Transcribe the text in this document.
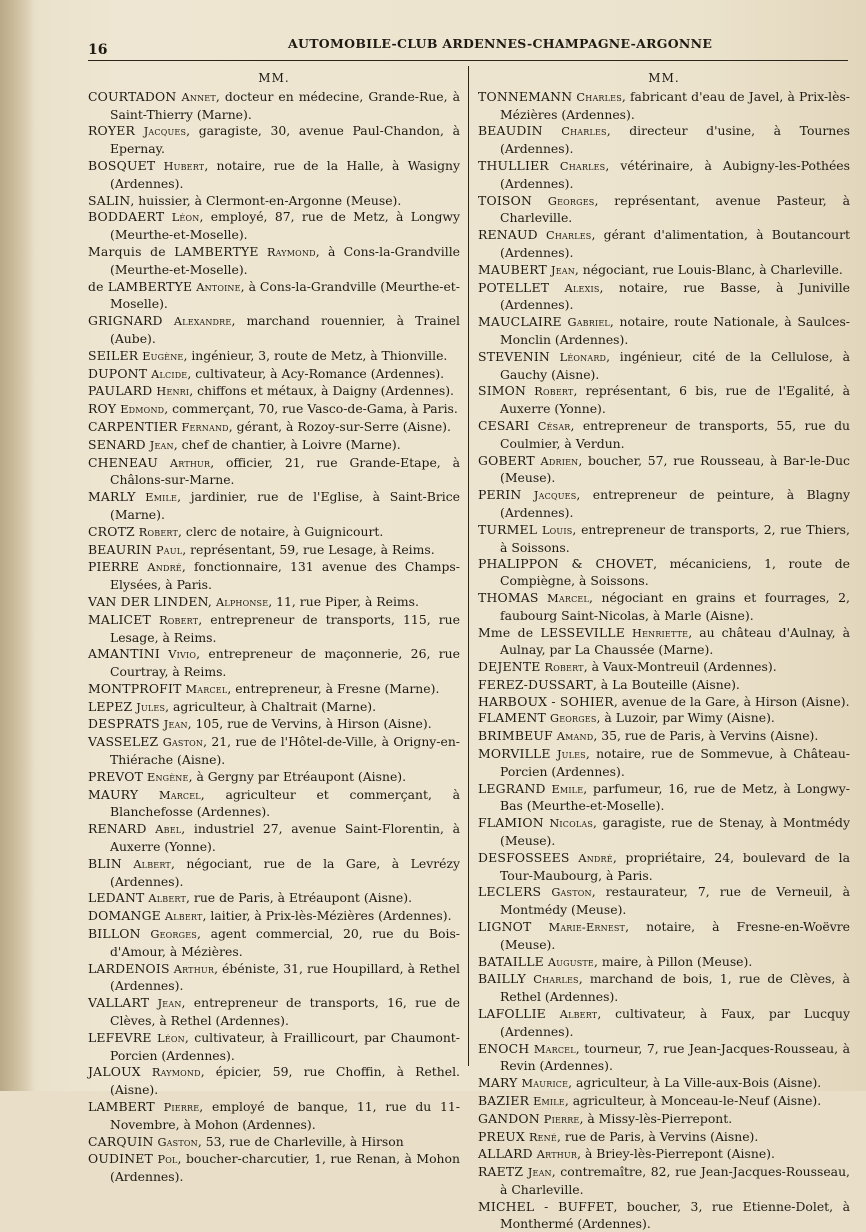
16	AUTOMOBILE-CLUB ARDENNES-CHAMPAGNE-ARGONNE

MM.

COURTADON Annet, docteur en médecine, Grande-Rue, à Saint-Thierry (Marne).

ROYER Jacques, garagiste, 30, avenue Paul-Chandon, à Epernay.

BOSQUET Hubert, notaire, rue de la Halle, à Wasigny (Ardennes).

SALIN, huissier, à Clermont-en-Argonne (Meuse).

BODDAERT Léon, employé, 87, rue de Metz, à Longwy (Meurthe-et-Moselle).

Marquis de LAMBERTYE Raymond, à Cons-la-Grandville (Meurthe-et-Moselle).

de LAMBERTYE Antoine, à Cons-la-Grandville (Meurthe-et-Moselle).

GRIGNARD Alexandre, marchand rouennier, à Trainel (Aube).

SEILER Eugène, ingénieur, 3, route de Metz, à Thionville.

DUPONT Alcide, cultivateur, à Acy-Romance (Ardennes).

PAULARD Henri, chiffons et métaux, à Daigny (Ardennes).

ROY Edmond, commerçant, 70, rue Vasco-de-Gama, à Paris.

CARPENTIER Fernand, gérant, à Rozoy-sur-Serre (Aisne).

SENARD Jean, chef de chantier, à Loivre (Marne).

CHENEAU Arthur, officier, 21, rue Grande-Etape, à Châlons-sur-Marne.

MARLY Emile, jardinier, rue de l'Eglise, à Saint-Brice (Marne).

CROTZ Robert, clerc de notaire, à Guignicourt.

BEAURIN Paul, représentant, 59, rue Lesage, à Reims.

PIERRE André, fonctionnaire, 131 avenue des Champs-Elysées, à Paris.

VAN DER LINDEN, Alphonse, 11, rue Piper, à Reims.

MALICET Robert, entrepreneur de transports, 115, rue Lesage, à Reims.

AMANTINI Vivio, entrepreneur de maçonnerie, 26, rue Courtray, à Reims.

MONTPROFIT Marcel, entrepreneur, à Fresne (Marne).

LEPEZ Jules, agriculteur, à Chaltrait (Marne).

DESPRATS Jean, 105, rue de Vervins, à Hirson (Aisne).

VASSELEZ Gaston, 21, rue de l'Hôtel-de-Ville, à Origny-en-Thiérache (Aisne).

PREVOT Engène, à Gergny par Etréaupont (Aisne).

MAURY Marcel, agriculteur et commerçant, à Blanchefosse (Ardennes).

RENARD Abel, industriel 27, avenue Saint-Florentin, à Auxerre (Yonne).

BLIN Albert, négociant, rue de la Gare, à Levrézy (Ardennes).

LEDANT Albert, rue de Paris, à Etréaupont (Aisne).

DOMANGE Albert, laitier, à Prix-lès-Mézières (Ardennes).

BILLON Georges, agent commercial, 20, rue du Bois-d'Amour, à Mézières.

LARDENOIS Arthur, ébéniste, 31, rue Houpillard, à Rethel (Ardennes).

VALLART Jean, entrepreneur de transports, 16, rue de Clèves, à Rethel (Ardennes).

LEFEVRE Léon, cultivateur, à Fraillicourt, par Chaumont-Porcien (Ardennes).

JALOUX Raymond, épicier, 59, rue Choffin, à Rethel. (Aisne).

LAMBERT Pierre, employé de banque, 11, rue du 11-Novembre, à Mohon (Ardennes).

CARQUIN Gaston, 53, rue de Charleville, à Hirson

OUDINET Pol, boucher-charcutier, 1, rue Renan, à Mohon (Ardennes).

MM.

TONNEMANN Charles, fabricant d'eau de Javel, à Prix-lès-Mézières (Ardennes).

BEAUDIN Charles, directeur d'usine, à Tournes (Ardennes).

THULLIER Charles, vétérinaire, à Aubigny-les-Pothées (Ardennes).

TOISON Georges, représentant, avenue Pasteur, à Charleville.

RENAUD Charles, gérant d'alimentation, à Boutancourt (Ardennes).

MAUBERT Jean, négociant, rue Louis-Blanc, à Charleville.

POTELLET Alexis, notaire, rue Basse, à Juniville (Ardennes).

MAUCLAIRE Gabriel, notaire, route Nationale, à Saulces-Monclin (Ardennes).

STEVENIN Léonard, ingénieur, cité de la Cellulose, à Gauchy (Aisne).

SIMON Robert, représentant, 6 bis, rue de l'Egalité, à Auxerre (Yonne).

CESARI César, entrepreneur de transports, 55, rue du Coulmier, à Verdun.

GOBERT Adrien, boucher, 57, rue Rousseau, à Bar-le-Duc (Meuse).

PERIN Jacques, entrepreneur de peinture, à Blagny (Ardennes).

TURMEL Louis, entrepreneur de transports, 2, rue Thiers, à Soissons.

PHALIPPON & CHOVET, mécaniciens, 1, route de Compiègne, à Soissons.

THOMAS Marcel, négociant en grains et fourrages, 2, faubourg Saint-Nicolas, à Marle (Aisne).

Mme de LESSEVILLE Henriette, au château d'Aulnay, à Aulnay, par La Chaussée (Marne).

DEJENTE Robert, à Vaux-Montreuil (Ardennes).

FEREZ-DUSSART, à La Bouteille (Aisne).

HARBOUX - SOHIER, avenue de la Gare, à Hirson (Aisne).

FLAMENT Georges, à Luzoir, par Wimy (Aisne).

BRIMBEUF Amand, 35, rue de Paris, à Vervins (Aisne).

MORVILLE Jules, notaire, rue de Sommevue, à Château-Porcien (Ardennes).

LEGRAND Emile, parfumeur, 16, rue de Metz, à Longwy-Bas (Meurthe-et-Moselle).

FLAMION Nicolas, garagiste, rue de Stenay, à Montmédy (Meuse).

DESFOSSEES André, propriétaire, 24, boulevard de la Tour-Maubourg, à Paris.

LECLERS Gaston, restaurateur, 7, rue de Verneuil, à Montmédy (Meuse).

LIGNOT Marie-Ernest, notaire, à Fresne-en-Woëvre (Meuse).

BATAILLE Auguste, maire, à Pillon (Meuse).

BAILLY Charles, marchand de bois, 1, rue de Clèves, à Rethel (Ardennes).

LAFOLLIE Albert, cultivateur, à Faux, par Lucquy (Ardennes).

ENOCH Marcel, tourneur, 7, rue Jean-Jacques-Rousseau, à Revin (Ardennes).

MARY Maurice, agriculteur, à La Ville-aux-Bois (Aisne).

BAZIER Emile, agriculteur, à Monceau-le-Neuf (Aisne).

GANDON Pierre, à Missy-lès-Pierrepont.

PREUX René, rue de Paris, à Vervins (Aisne).

ALLARD Arthur, à Briey-lès-Pierrepont (Aisne).

RAETZ Jean, contremaître, 82, rue Jean-Jacques-Rousseau, à Charleville.

MICHEL - BUFFET, boucher, 3, rue Etienne-Dolet, à Monthermé (Ardennes).
